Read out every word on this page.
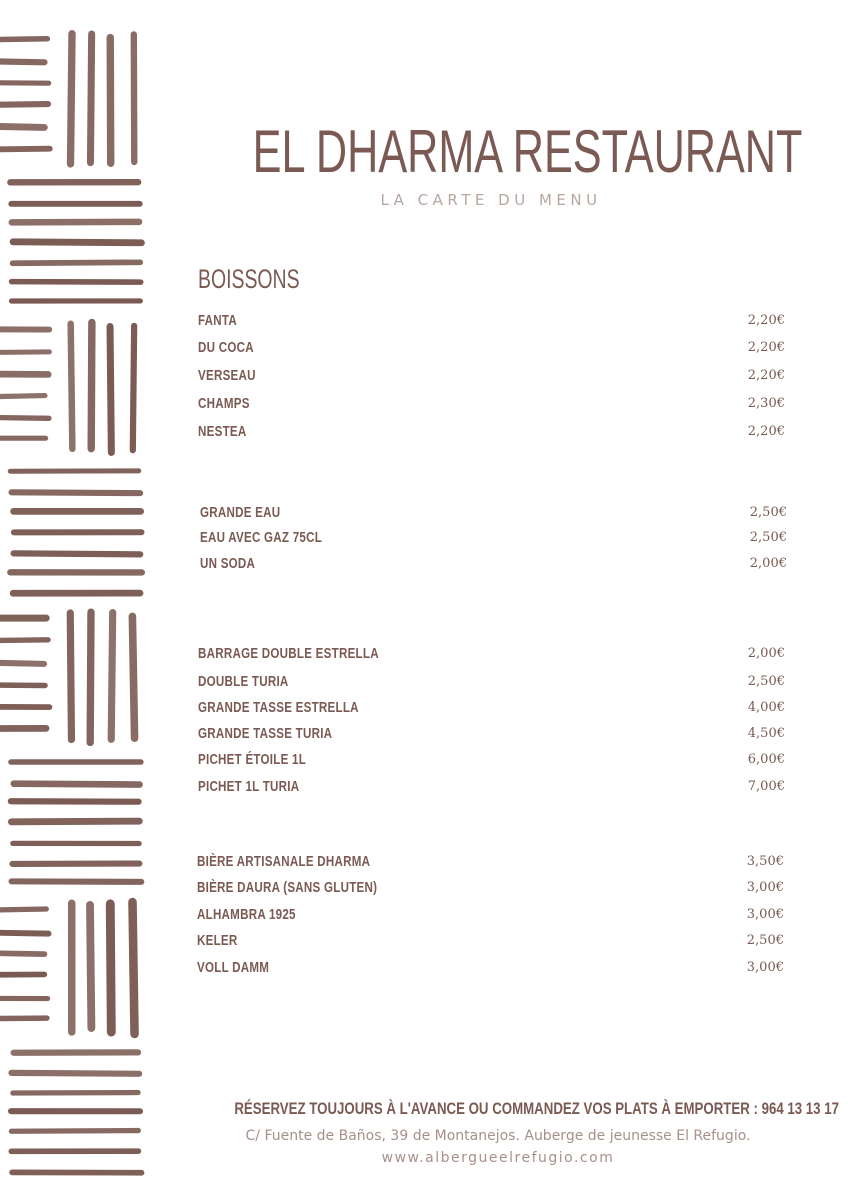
EL DHARMA RESTAURANT
LA CARTE DU MENU
BOISSONS
FANTA	2,20€
DU COCA	2,20€
VERSEAU	2,20€
CHAMPS	2,30€
NESTEA	2,20€
GRANDE EAU	2,50€
EAU AVEC GAZ 75CL	2,50€
UN SODA	2,00€
BARRAGE DOUBLE ESTRELLA	2,00€
DOUBLE TURIA	2,50€
GRANDE TASSE ESTRELLA	4,00€
GRANDE TASSE TURIA	4,50€
PICHET ÉTOILE 1L	6,00€
PICHET 1L TURIA	7,00€
BIÈRE ARTISANALE DHARMA	3,50€
BIÈRE DAURA (SANS GLUTEN)	3,00€
ALHAMBRA 1925	3,00€
KELER	2,50€
VOLL DAMM	3,00€
RÉSERVEZ TOUJOURS À L'AVANCE OU COMMANDEZ VOS PLATS À EMPORTER : 964 13 13 17
C/ Fuente de Baños, 39 de Montanejos. Auberge de jeunesse El Refugio.
www.albergueelrefugio.com
